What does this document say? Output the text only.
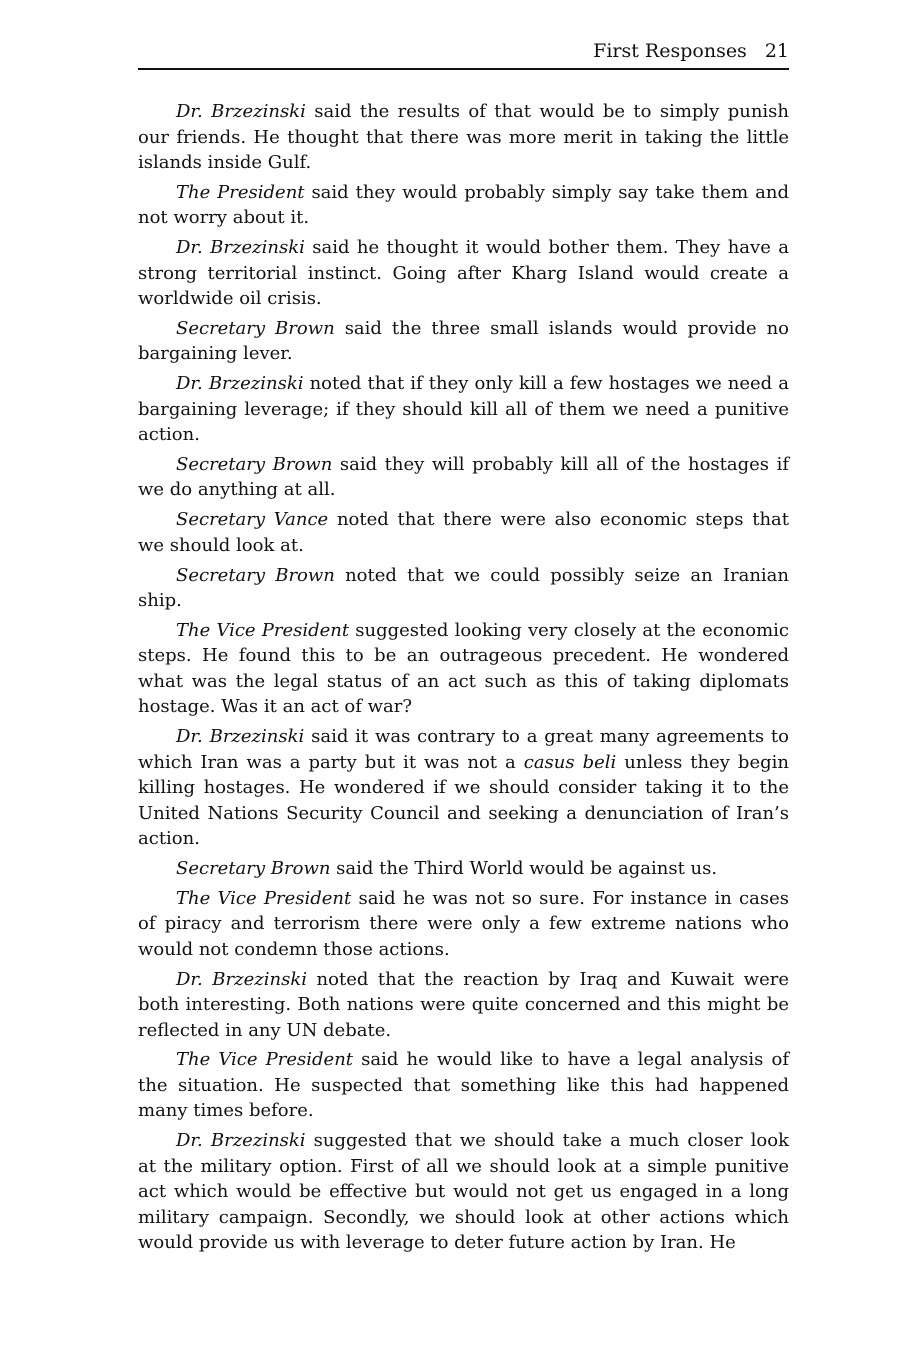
First Responses 21

Dr. Brzezinski said the results of that would be to simply punish our friends. He thought that there was more merit in taking the little islands inside Gulf.

The President said they would probably simply say take them and not worry about it.

Dr. Brzezinski said he thought it would bother them. They have a strong territorial instinct. Going after Kharg Island would create a worldwide oil crisis.

Secretary Brown said the three small islands would provide no bargaining lever.

Dr. Brzezinski noted that if they only kill a few hostages we need a bargaining leverage; if they should kill all of them we need a punitive action.

Secretary Brown said they will probably kill all of the hostages if we do anything at all.

Secretary Vance noted that there were also economic steps that we should look at.

Secretary Brown noted that we could possibly seize an Iranian ship.

The Vice President suggested looking very closely at the economic steps. He found this to be an outrageous precedent. He wondered what was the legal status of an act such as this of taking diplomats hostage. Was it an act of war?

Dr. Brzezinski said it was contrary to a great many agreements to which Iran was a party but it was not a casus beli unless they begin killing hostages. He wondered if we should consider taking it to the United Nations Security Council and seeking a denunciation of Iran’s action.

Secretary Brown said the Third World would be against us.

The Vice President said he was not so sure. For instance in cases of piracy and terrorism there were only a few extreme nations who would not condemn those actions.

Dr. Brzezinski noted that the reaction by Iraq and Kuwait were both interesting. Both nations were quite concerned and this might be reflected in any UN debate.

The Vice President said he would like to have a legal analysis of the situation. He suspected that something like this had happened many times before.

Dr. Brzezinski suggested that we should take a much closer look at the military option. First of all we should look at a simple punitive act which would be effective but would not get us engaged in a long military campaign. Secondly, we should look at other actions which would provide us with leverage to deter future action by Iran. He
